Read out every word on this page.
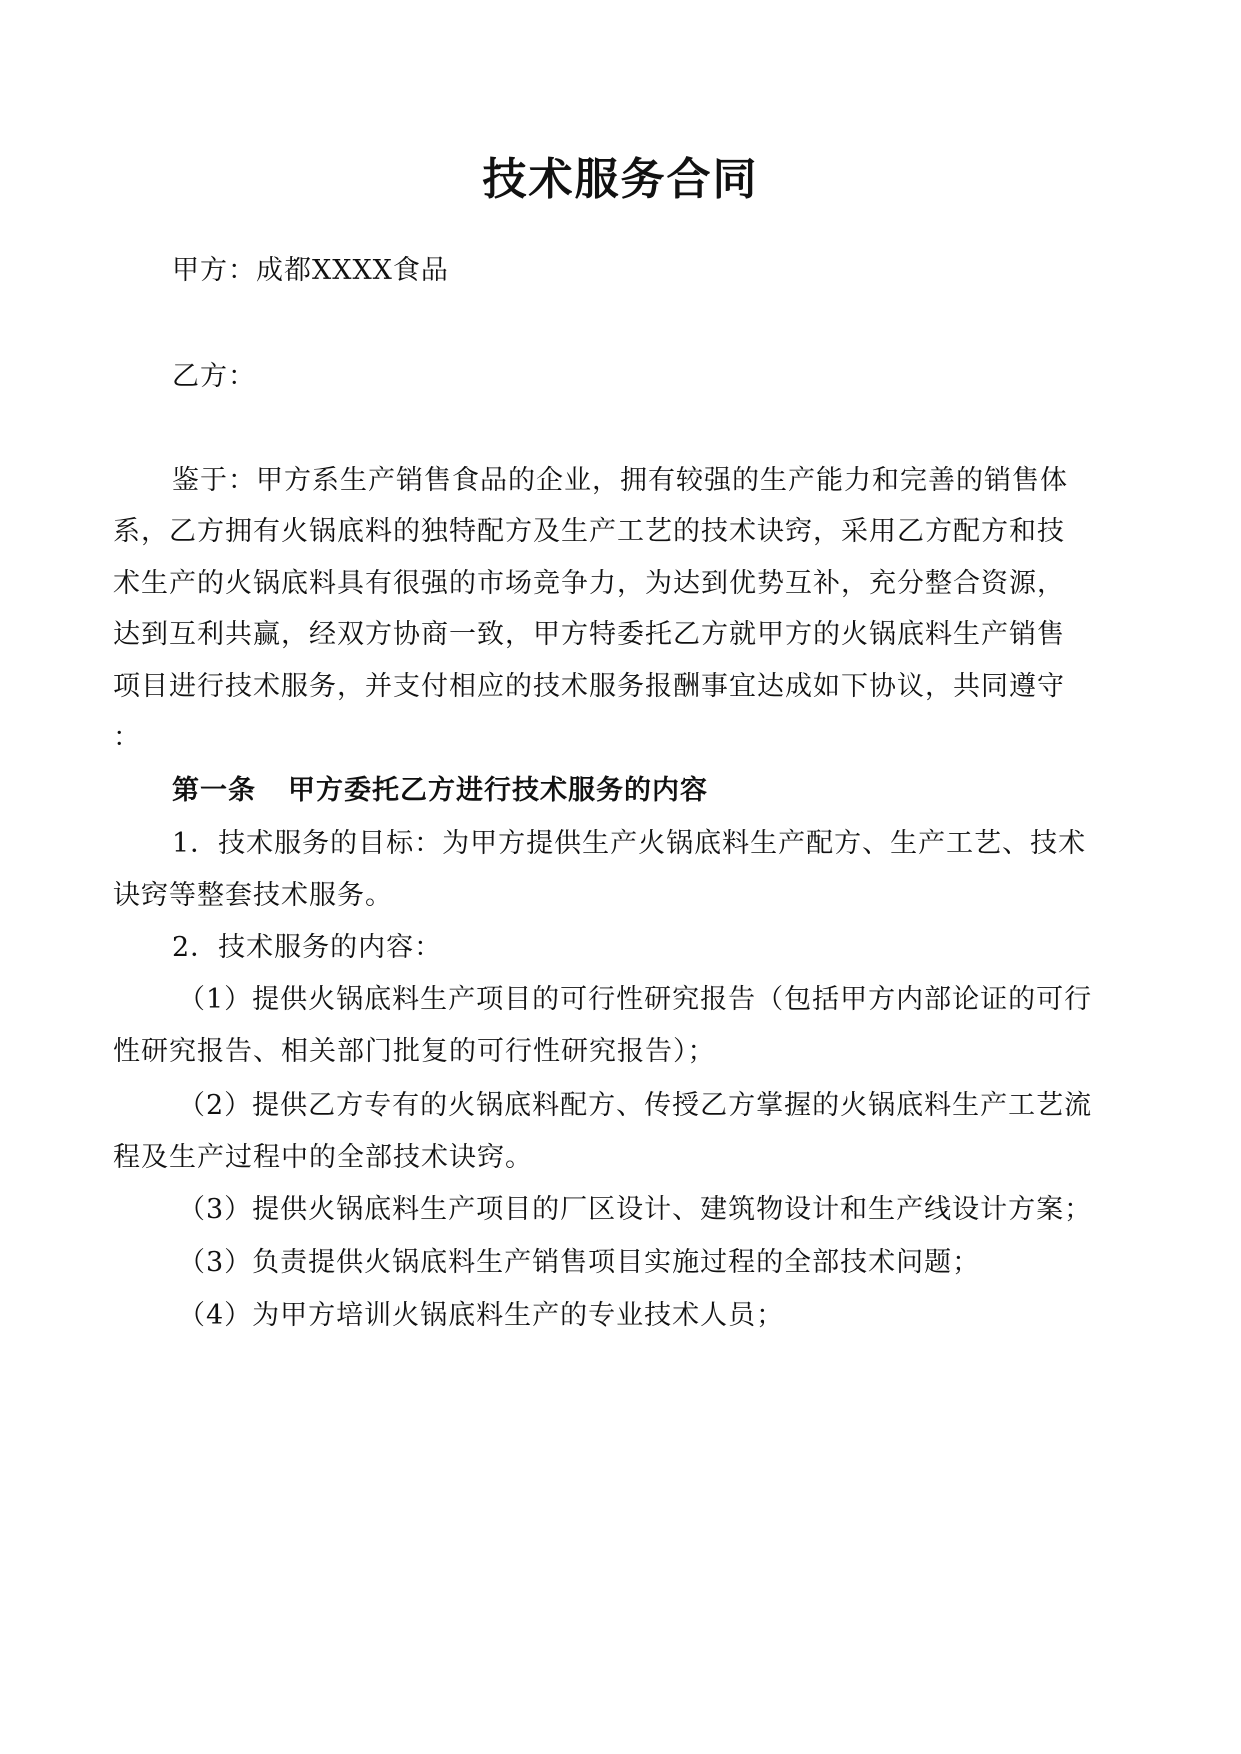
技术服务合同
甲方：成都XXXX食品
乙方：
鉴于：甲方系生产销售食品的企业，拥有较强的生产能力和完善的销售体
系，乙方拥有火锅底料的独特配方及生产工艺的技术诀窍，采用乙方配方和技
术生产的火锅底料具有很强的市场竞争力，为达到优势互补，充分整合资源，
达到互利共赢，经双方协商一致，甲方特委托乙方就甲方的火锅底料生产销售
项目进行技术服务，并支付相应的技术服务报酬事宜达成如下协议，共同遵守
：
第一条 甲方委托乙方进行技术服务的内容
1．技术服务的目标：为甲方提供生产火锅底料生产配方、生产工艺、技术
诀窍等整套技术服务。
2．技术服务的内容：
（1）提供火锅底料生产项目的可行性研究报告（包括甲方内部论证的可行
性研究报告、相关部门批复的可行性研究报告）；
（2）提供乙方专有的火锅底料配方、传授乙方掌握的火锅底料生产工艺流
程及生产过程中的全部技术诀窍。
（3）提供火锅底料生产项目的厂区设计、建筑物设计和生产线设计方案；
（3）负责提供火锅底料生产销售项目实施过程的全部技术问题；
（4）为甲方培训火锅底料生产的专业技术人员；
